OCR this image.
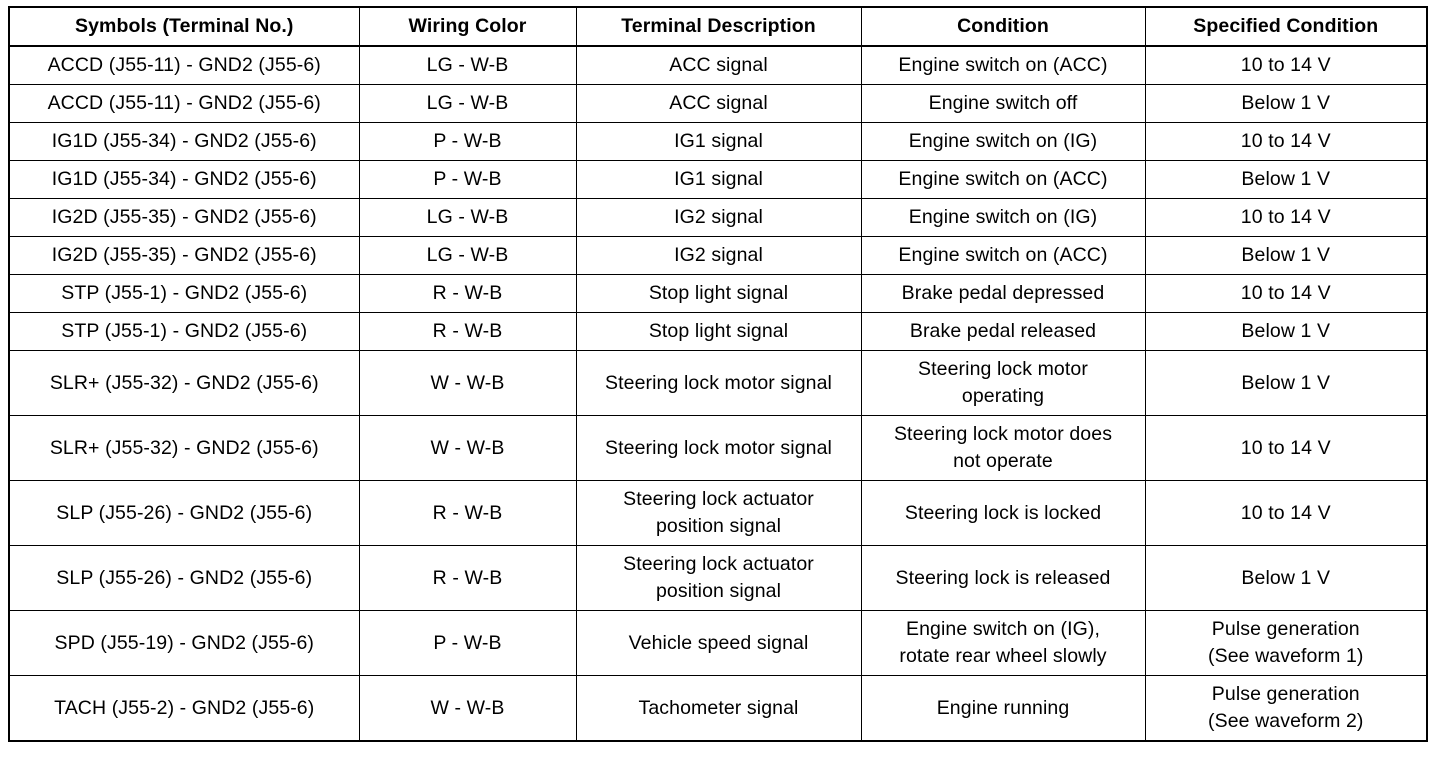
Symbols (Terminal No.)	Wiring Color	Terminal Description	Condition	Specified Condition
ACCD (J55-11) - GND2 (J55-6)	LG - W-B	ACC signal	Engine switch on (ACC)	10 to 14 V
ACCD (J55-11) - GND2 (J55-6)	LG - W-B	ACC signal	Engine switch off	Below 1 V
IG1D (J55-34) - GND2 (J55-6)	P - W-B	IG1 signal	Engine switch on (IG)	10 to 14 V
IG1D (J55-34) - GND2 (J55-6)	P - W-B	IG1 signal	Engine switch on (ACC)	Below 1 V
IG2D (J55-35) - GND2 (J55-6)	LG - W-B	IG2 signal	Engine switch on (IG)	10 to 14 V
IG2D (J55-35) - GND2 (J55-6)	LG - W-B	IG2 signal	Engine switch on (ACC)	Below 1 V
STP (J55-1) - GND2 (J55-6)	R - W-B	Stop light signal	Brake pedal depressed	10 to 14 V
STP (J55-1) - GND2 (J55-6)	R - W-B	Stop light signal	Brake pedal released	Below 1 V
SLR+ (J55-32) - GND2 (J55-6)	W - W-B	Steering lock motor signal	Steering lock motor
operating	Below 1 V
SLR+ (J55-32) - GND2 (J55-6)	W - W-B	Steering lock motor signal	Steering lock motor does
not operate	10 to 14 V
SLP (J55-26) - GND2 (J55-6)	R - W-B	Steering lock actuator
position signal	Steering lock is locked	10 to 14 V
SLP (J55-26) - GND2 (J55-6)	R - W-B	Steering lock actuator
position signal	Steering lock is released	Below 1 V
SPD (J55-19) - GND2 (J55-6)	P - W-B	Vehicle speed signal	Engine switch on (IG),
rotate rear wheel slowly	Pulse generation
(See waveform 1)

TACH (J55-2) - GND2 (J55-6)	W - W-B	Tachometer signal	Engine running	Pulse generation
(See waveform 2)
